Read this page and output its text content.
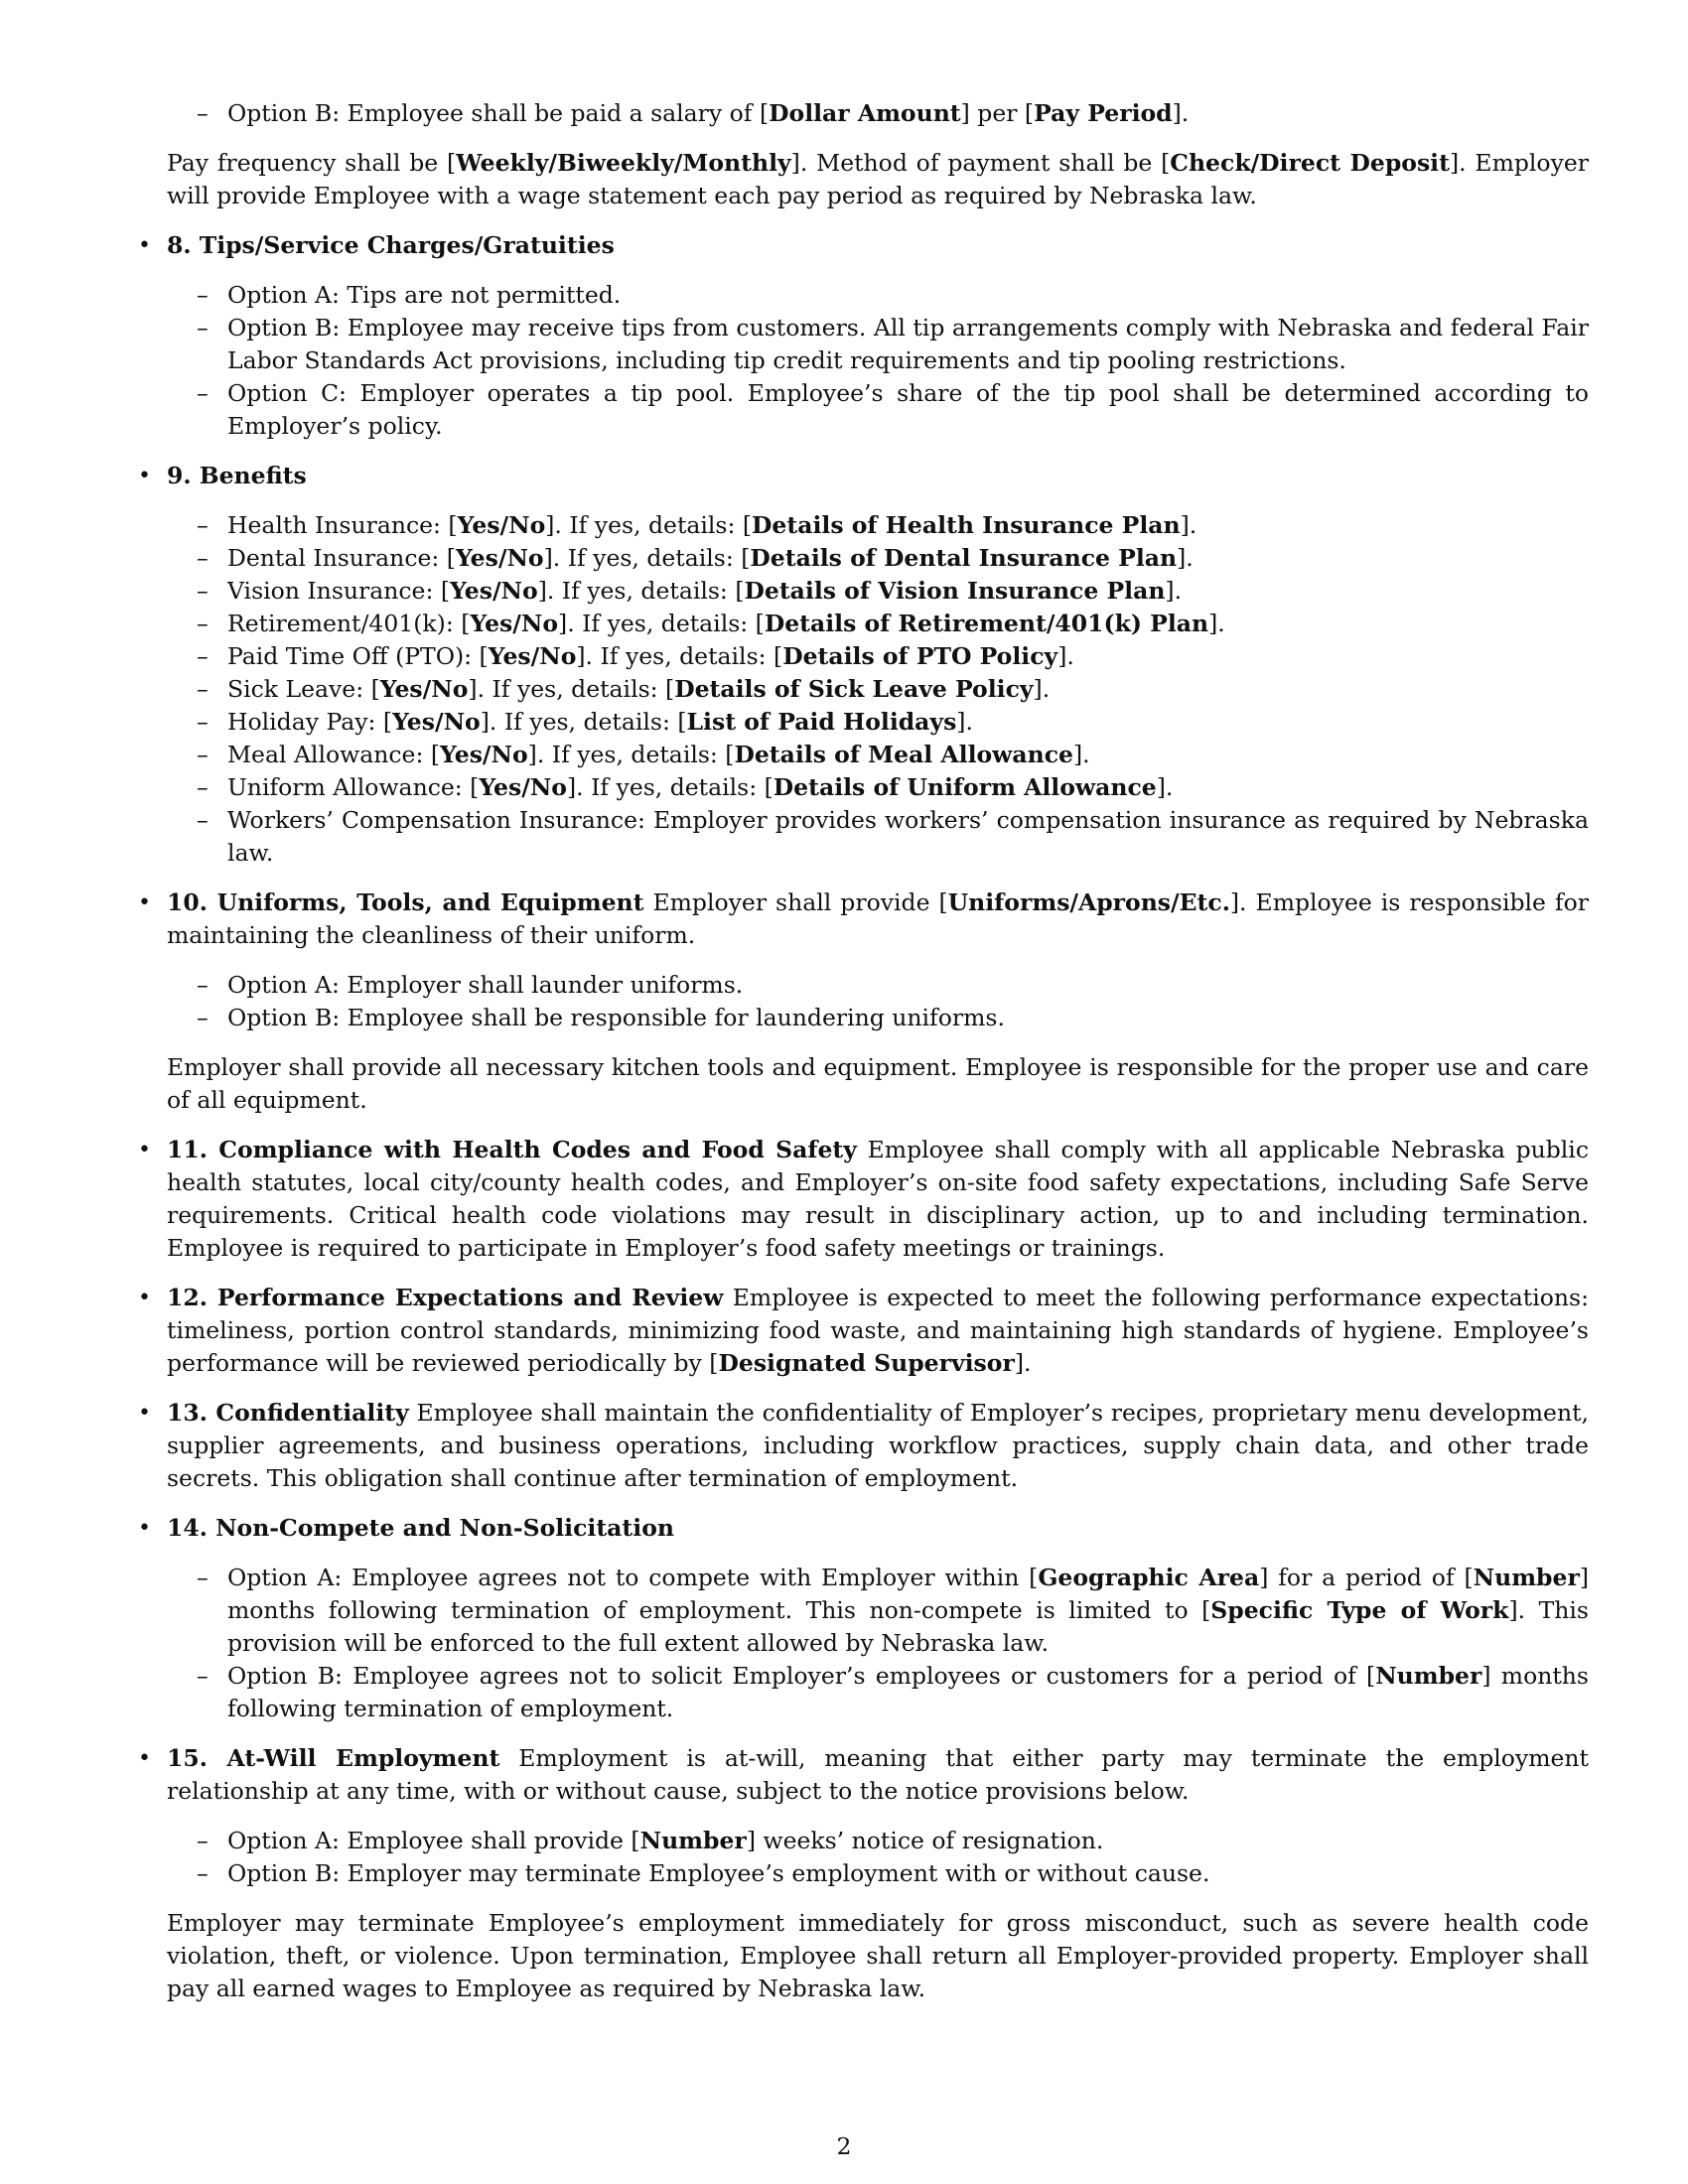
– Option B: Employee shall be paid a salary of [Dollar Amount] per [Pay Period].

Pay frequency shall be [Weekly/Biweekly/Monthly]. Method of payment shall be [Check/Direct Deposit]. Employer will provide Employee with a wage statement each pay period as required by Nebraska law.

• 8. Tips/Service Charges/Gratuities

– Option A: Tips are not permitted.
– Option B: Employee may receive tips from customers. All tip arrangements comply with Nebraska and federal Fair Labor Standards Act provisions, including tip credit requirements and tip pooling restrictions.
– Option C: Employer operates a tip pool. Employee’s share of the tip pool shall be determined according to Employer’s policy.

• 9. Benefits

– Health Insurance: [Yes/No]. If yes, details: [Details of Health Insurance Plan].
– Dental Insurance: [Yes/No]. If yes, details: [Details of Dental Insurance Plan].
– Vision Insurance: [Yes/No]. If yes, details: [Details of Vision Insurance Plan].
– Retirement/401(k): [Yes/No]. If yes, details: [Details of Retirement/401(k) Plan].
– Paid Time Off (PTO): [Yes/No]. If yes, details: [Details of PTO Policy].
– Sick Leave: [Yes/No]. If yes, details: [Details of Sick Leave Policy].
– Holiday Pay: [Yes/No]. If yes, details: [List of Paid Holidays].
– Meal Allowance: [Yes/No]. If yes, details: [Details of Meal Allowance].
– Uniform Allowance: [Yes/No]. If yes, details: [Details of Uniform Allowance].
– Workers’ Compensation Insurance: Employer provides workers’ compensation insurance as required by Nebraska law.

• 10. Uniforms, Tools, and Equipment Employer shall provide [Uniforms/Aprons/Etc.]. Employee is responsible for maintaining the cleanliness of their uniform.

– Option A: Employer shall launder uniforms.
– Option B: Employee shall be responsible for laundering uniforms.

Employer shall provide all necessary kitchen tools and equipment. Employee is responsible for the proper use and care of all equipment.

• 11. Compliance with Health Codes and Food Safety Employee shall comply with all applicable Nebraska public health statutes, local city/county health codes, and Employer’s on-site food safety expectations, including Safe Serve requirements. Critical health code violations may result in disciplinary action, up to and including termination. Employee is required to participate in Employer’s food safety meetings or trainings.

• 12. Performance Expectations and Review Employee is expected to meet the following performance expectations: timeliness, portion control standards, minimizing food waste, and maintaining high standards of hygiene. Employee’s performance will be reviewed periodically by [Designated Supervisor].

• 13. Confidentiality Employee shall maintain the confidentiality of Employer’s recipes, proprietary menu development, supplier agreements, and business operations, including workflow practices, supply chain data, and other trade secrets. This obligation shall continue after termination of employment.

• 14. Non-Compete and Non-Solicitation

– Option A: Employee agrees not to compete with Employer within [Geographic Area] for a period of [Number] months following termination of employment. This non-compete is limited to [Specific Type of Work]. This provision will be enforced to the full extent allowed by Nebraska law.
– Option B: Employee agrees not to solicit Employer’s employees or customers for a period of [Number] months following termination of employment.

• 15. At-Will Employment Employment is at-will, meaning that either party may terminate the employment relationship at any time, with or without cause, subject to the notice provisions below.

– Option A: Employee shall provide [Number] weeks’ notice of resignation.
– Option B: Employer may terminate Employee’s employment with or without cause.

Employer may terminate Employee’s employment immediately for gross misconduct, such as severe health code violation, theft, or violence. Upon termination, Employee shall return all Employer-provided property. Employer shall pay all earned wages to Employee as required by Nebraska law.

2
